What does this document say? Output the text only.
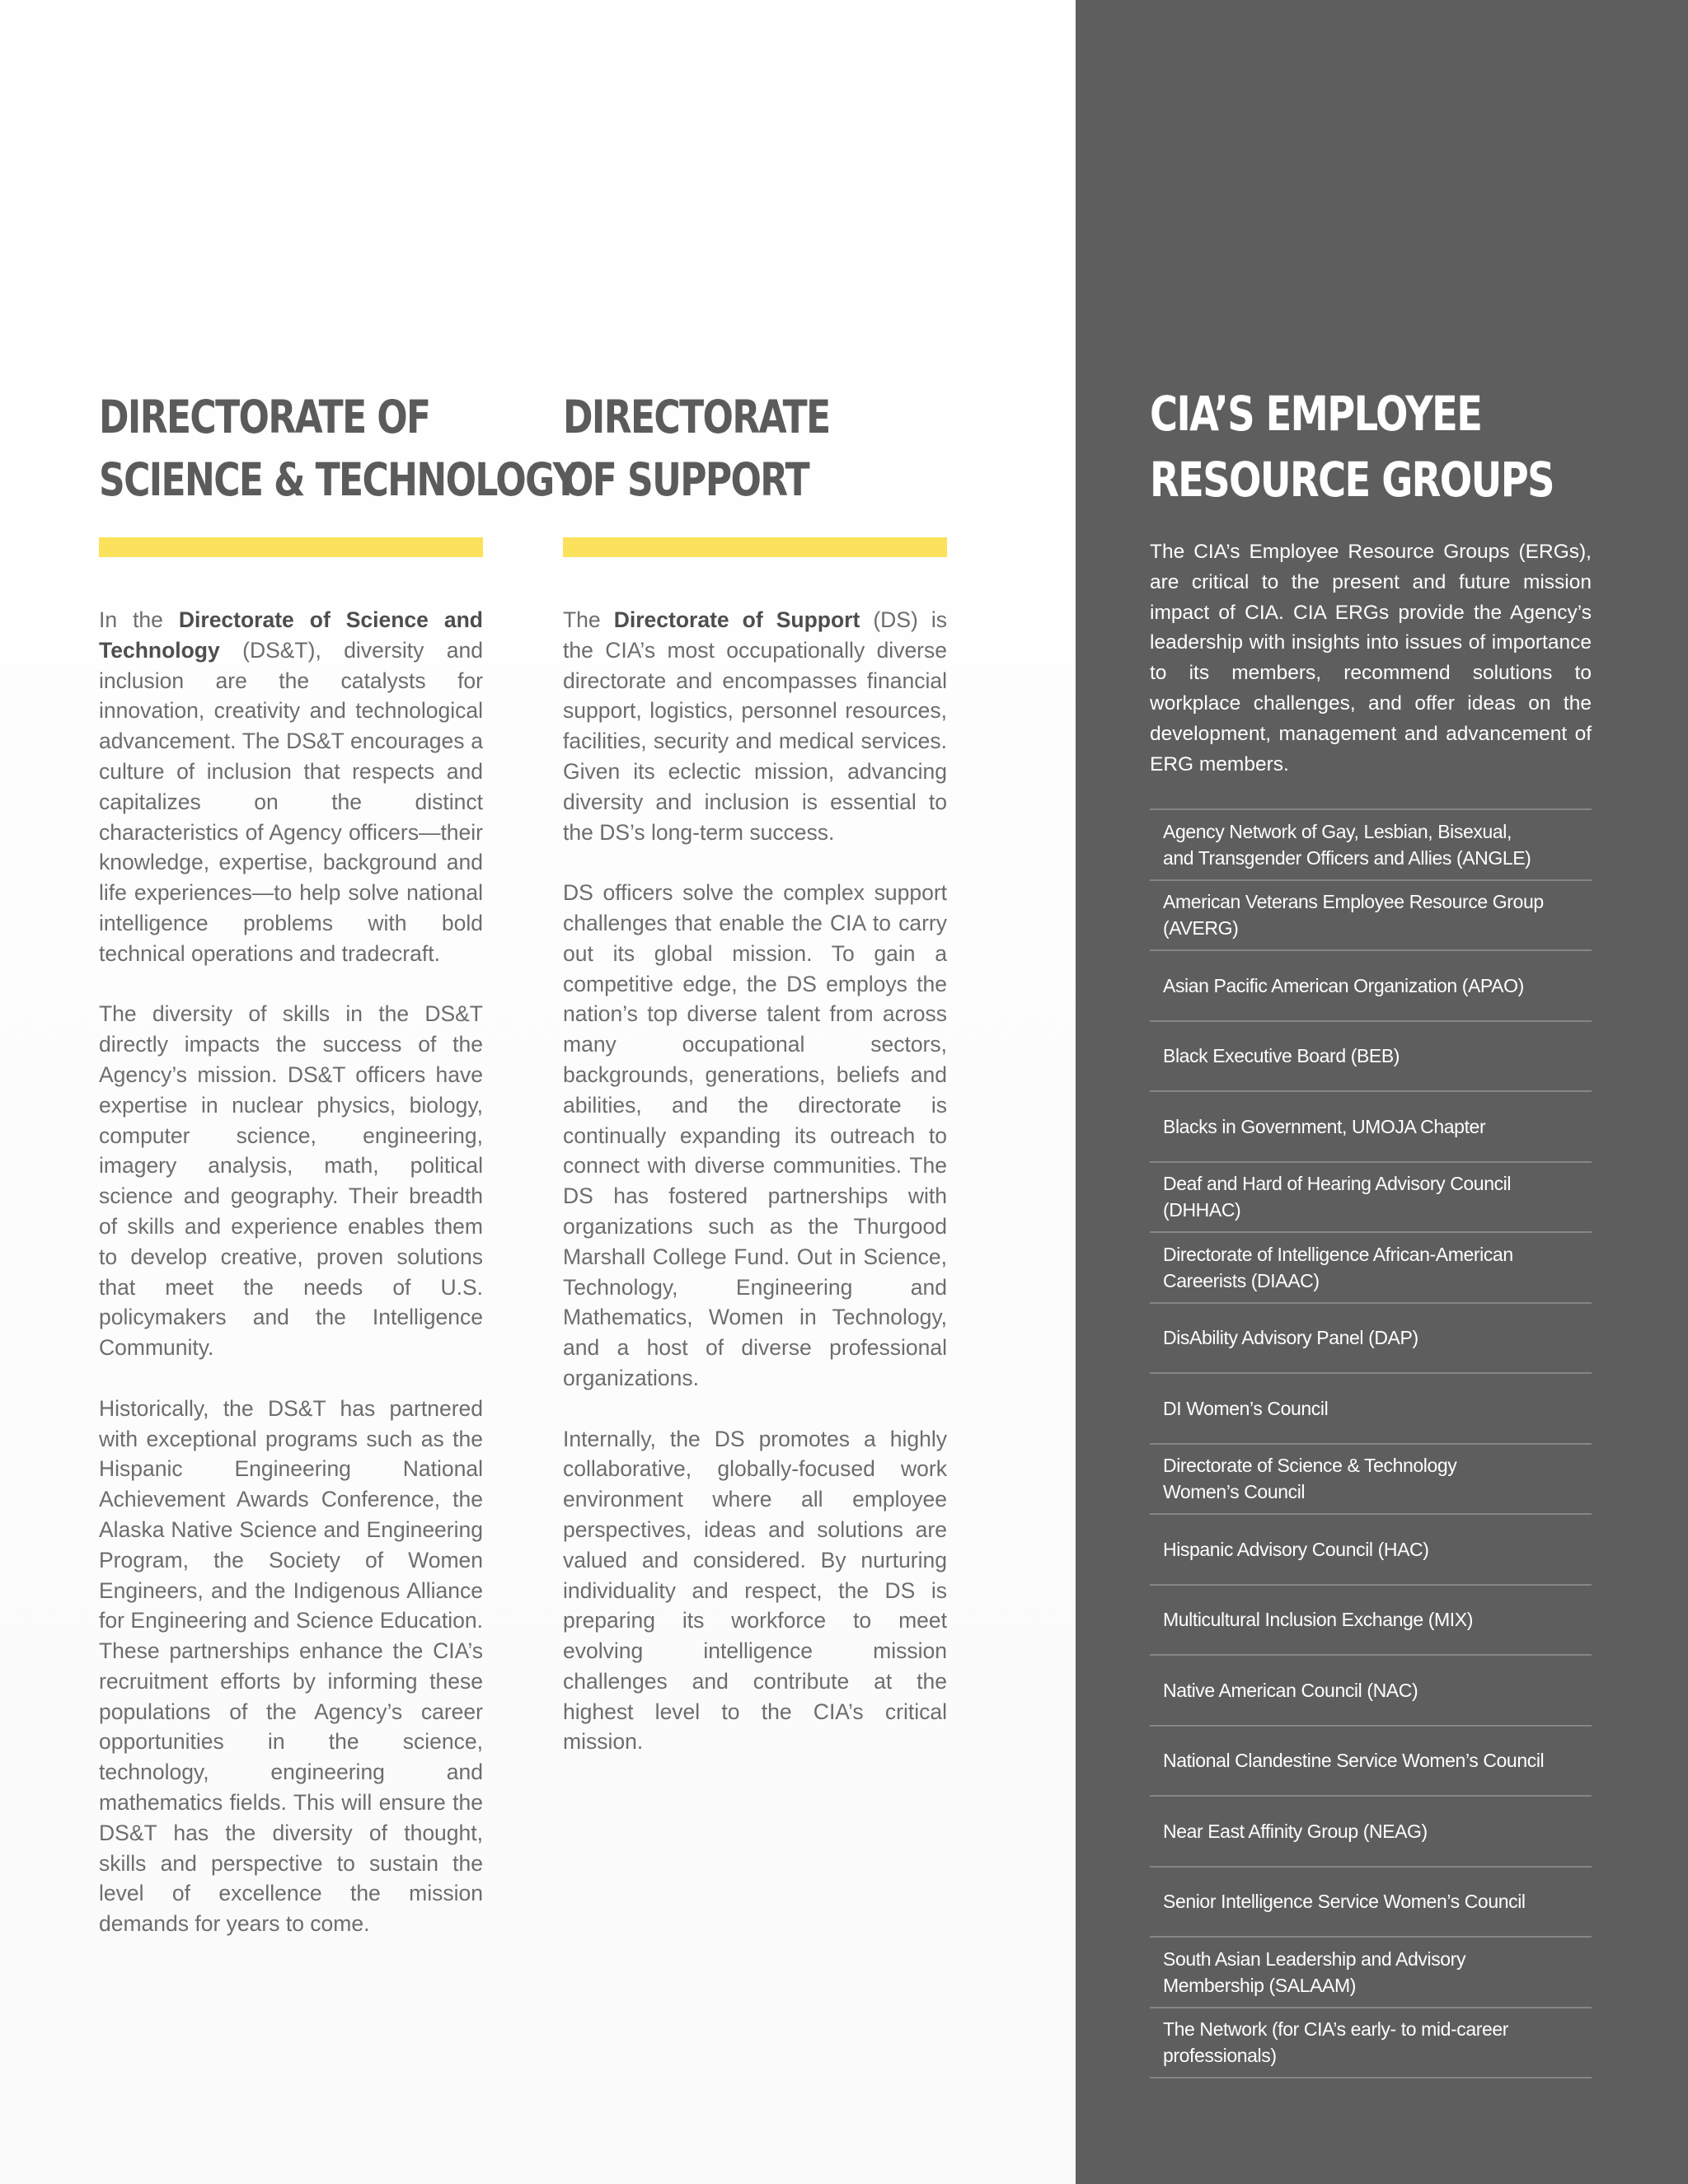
DIRECTORATE OF
SCIENCE & TECHNOLOGY

In the Directorate of Science and Technology (DS&T), diversity and inclusion are the catalysts for innovation, creativity and technological advancement. The DS&T encourages a culture of inclusion that respects and capitalizes on the distinct characteristics of Agency officers—their knowledge, expertise, background and life experiences—to help solve national intelligence problems with bold technical operations and tradecraft.

The diversity of skills in the DS&T directly impacts the success of the Agency’s mission. DS&T officers have expertise in nuclear physics, biology, computer science, engineering, imagery analysis, math, political science and geography. Their breadth of skills and experience enables them to develop creative, proven solutions that meet the needs of U.S. policymakers and the Intelligence Community.

Historically, the DS&T has partnered with exceptional programs such as the Hispanic Engineering National Achievement Awards Conference, the Alaska Native Science and Engineering Program, the Society of Women Engineers, and the Indigenous Alliance for Engineering and Science Education. These partnerships enhance the CIA’s recruitment efforts by informing these populations of the Agency’s career opportunities in the science, technology, engineering and mathematics fields. This will ensure the DS&T has the diversity of thought, skills and perspective to sustain the level of excellence the mission demands for years to come.

DIRECTORATE
OF SUPPORT

The Directorate of Support (DS) is the CIA’s most occupationally diverse directorate and encompasses financial support, logistics, personnel resources, facilities, security and medical services. Given its eclectic mission, advancing diversity and inclusion is essential to the DS’s long-term success.

DS officers solve the complex support challenges that enable the CIA to carry out its global mission. To gain a competitive edge, the DS employs the nation’s top diverse talent from across many occupational sectors, backgrounds, generations, beliefs and abilities, and the directorate is continually expanding its outreach to connect with diverse communities. The DS has fostered partnerships with organizations such as the Thurgood Marshall College Fund. Out in Science, Technology, Engineering and Mathematics, Women in Technology, and a host of diverse professional organizations.

Internally, the DS promotes a highly collaborative, globally-focused work environment where all employee perspectives, ideas and solutions are valued and considered. By nurturing individuality and respect, the DS is preparing its workforce to meet evolving intelligence mission challenges and contribute at the highest level to the CIA’s critical mission.

CIA’S EMPLOYEE
RESOURCE GROUPS

The CIA’s Employee Resource Groups (ERGs), are critical to the present and future mission impact of CIA. CIA ERGs provide the Agency’s leadership with insights into issues of importance to its members, recommend solutions to workplace challenges, and offer ideas on the development, management and advancement of ERG members.

Agency Network of Gay, Lesbian, Bisexual,
and Transgender Officers and Allies (ANGLE)
American Veterans Employee Resource Group
(AVERG)
Asian Pacific American Organization (APAO)
Black Executive Board (BEB)
Blacks in Government, UMOJA Chapter
Deaf and Hard of Hearing Advisory Council
(DHHAC)
Directorate of Intelligence African-American
Careerists (DIAAC)
DisAbility Advisory Panel (DAP)
DI Women’s Council
Directorate of Science & Technology
Women’s Council
Hispanic Advisory Council (HAC)
Multicultural Inclusion Exchange (MIX)
Native American Council (NAC)
National Clandestine Service Women’s Council
Near East Affinity Group (NEAG)
Senior Intelligence Service Women’s Council
South Asian Leadership and Advisory
Membership (SALAAM)
The Network (for CIA’s early- to mid-career
professionals)
